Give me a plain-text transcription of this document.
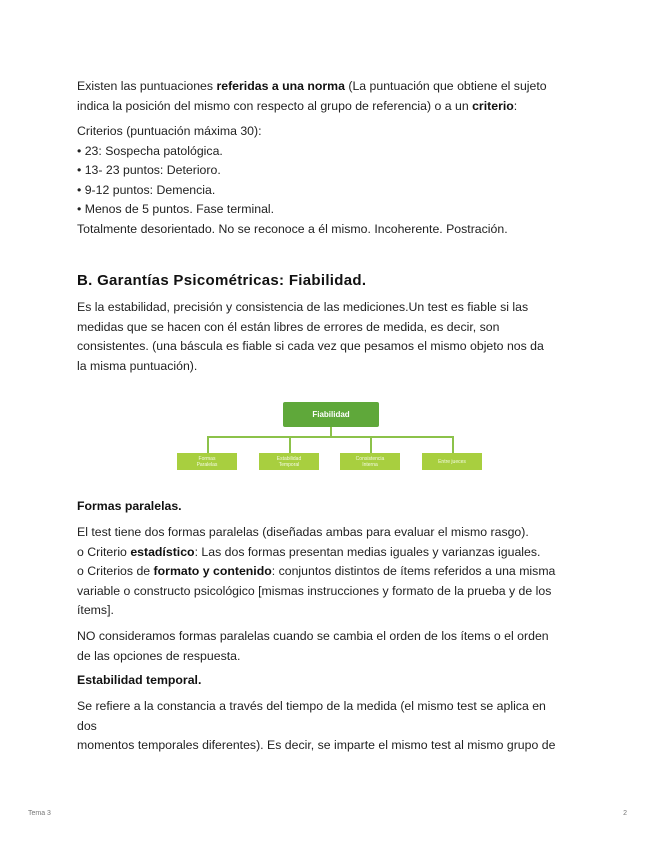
Existen las puntuaciones referidas a una norma (La puntuación que obtiene el sujeto
indica la posición del mismo con respecto al grupo de referencia) o a un criterio:

Criterios (puntuación máxima 30):
• 23: Sospecha patológica.
• 13- 23 puntos: Deterioro.
• 9-12 puntos: Demencia.
• Menos de 5 puntos. Fase terminal.
Totalmente desorientado. No se reconoce a él mismo. Incoherente. Postración.

B. Garantías Psicométricas: Fiabilidad.

Es la estabilidad, precisión y consistencia de las mediciones.Un test es fiable si las
medidas que se hacen con él están libres de errores de medida, es decir, son
consistentes. (una báscula es fiable si cada vez que pesamos el mismo objeto nos da
la misma puntuación).

Fiabilidad
Formas
Paralelas
Estabilidad
Temporal
Consistencia
Interna	Entre jueces
Formas paralelas.

El test tiene dos formas paralelas (diseñadas ambas para evaluar el mismo rasgo).
o Criterio estadístico: Las dos formas presentan medias iguales y varianzas iguales.
o Criterios de formato y contenido: conjuntos distintos de ítems referidos a una misma
variable o constructo psicológico [mismas instrucciones y formato de la prueba y de los
ítems].

NO consideramos formas paralelas cuando se cambia el orden de los ítems o el orden
de las opciones de respuesta.

Estabilidad temporal.

Se refiere a la constancia a través del tiempo de la medida (el mismo test se aplica en
dos
momentos temporales diferentes). Es decir, se imparte el mismo test al mismo grupo de

Tema 3	2
